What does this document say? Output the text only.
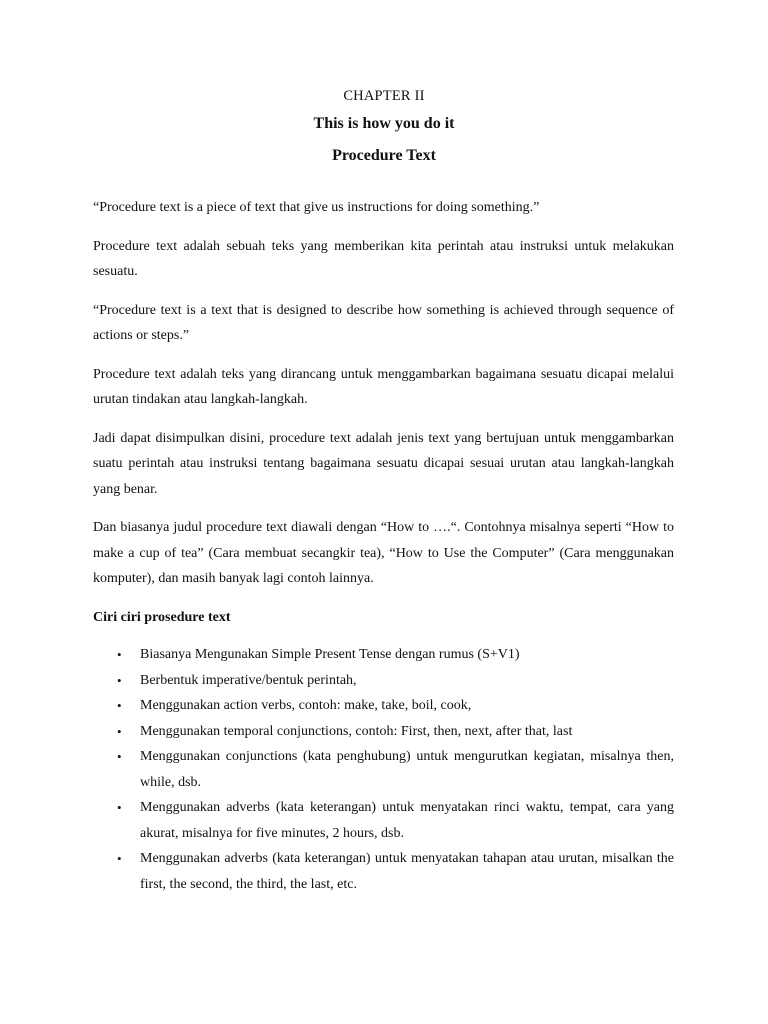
CHAPTER II
This is how you do it
Procedure Text

“Procedure text is a piece of text that give us instructions for doing something.”

Procedure text adalah sebuah teks yang memberikan kita perintah atau instruksi untuk melakukan sesuatu.

“Procedure text is a text that is designed to describe how something is achieved through sequence of actions or steps.”

Procedure text adalah teks yang dirancang untuk menggambarkan bagaimana sesuatu dicapai melalui urutan tindakan atau langkah-langkah.

Jadi dapat disimpulkan disini, procedure text adalah jenis text yang bertujuan untuk menggambarkan suatu perintah atau instruksi tentang bagaimana sesuatu dicapai sesuai urutan atau langkah-langkah yang benar.

Dan biasanya judul procedure text diawali dengan “How to ….“. Contohnya misalnya seperti “How to make a cup of tea” (Cara membuat secangkir tea), “How to Use the Computer” (Cara menggunakan komputer), dan masih banyak lagi contoh lainnya.

Ciri ciri prosedure text
• Biasanya Mengunakan Simple Present Tense dengan rumus (S+V1)
• Berbentuk imperative/bentuk perintah,
• Menggunakan action verbs, contoh: make, take, boil, cook,
• Menggunakan temporal conjunctions, contoh: First, then, next, after that, last
• Menggunakan conjunctions (kata penghubung) untuk mengurutkan kegiatan, misalnya then, while, dsb.
• Menggunakan adverbs (kata keterangan) untuk menyatakan rinci waktu, tempat, cara yang akurat, misalnya for five minutes, 2 hours, dsb.
• Menggunakan adverbs (kata keterangan) untuk menyatakan tahapan atau urutan, misalkan the first, the second, the third, the last, etc.
